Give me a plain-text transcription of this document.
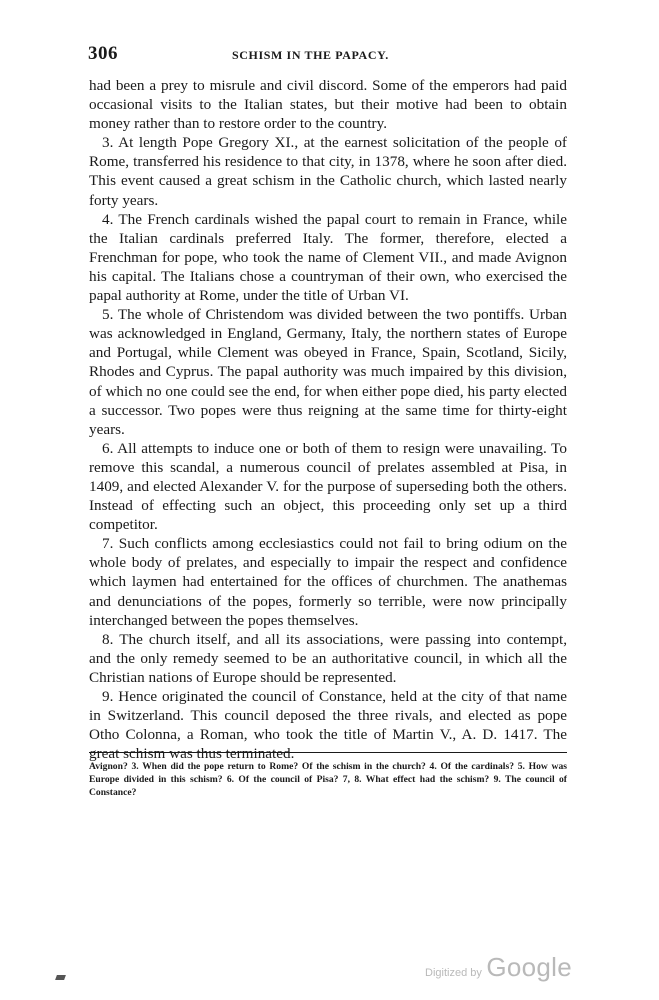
306	SCHISM IN THE PAPACY.

had been a prey to misrule and civil discord. Some of the emperors had paid occasional visits to the Italian states, but their motive had been to obtain money rather than to restore order to the country.

3. At length Pope Gregory XI., at the earnest solicitation of the people of Rome, transferred his residence to that city, in 1378, where he soon after died. This event caused a great schism in the Catholic church, which lasted nearly forty years.

4. The French cardinals wished the papal court to remain in France, while the Italian cardinals preferred Italy. The former, therefore, elected a Frenchman for pope, who took the name of Clement VII., and made Avignon his capital. The Italians chose a countryman of their own, who exercised the papal authority at Rome, under the title of Urban VI.

5. The whole of Christendom was divided between the two pontiffs. Urban was acknowledged in England, Germany, Italy, the northern states of Europe and Portugal, while Clement was obeyed in France, Spain, Scotland, Sicily, Rhodes and Cyprus. The papal authority was much impaired by this division, of which no one could see the end, for when either pope died, his party elected a successor. Two popes were thus reigning at the same time for thirty-eight years.

6. All attempts to induce one or both of them to resign were unavailing. To remove this scandal, a numerous council of prelates assembled at Pisa, in 1409, and elected Alexander V. for the purpose of superseding both the others. Instead of effecting such an object, this proceeding only set up a third competitor.

7. Such conflicts among ecclesiastics could not fail to bring odium on the whole body of prelates, and especially to impair the respect and confidence which laymen had entertained for the offices of churchmen. The anathemas and denunciations of the popes, formerly so terrible, were now principally interchanged between the popes themselves.

8. The church itself, and all its associations, were passing into contempt, and the only remedy seemed to be an authoritative council, in which all the Christian nations of Europe should be represented.

9. Hence originated the council of Constance, held at the city of that name in Switzerland. This council deposed the three rivals, and elected as pope Otho Colonna, a Roman, who took the title of Martin V., A. D. 1417. The great schism was thus terminated.

Avignon? 3. When did the pope return to Rome? Of the schism in the church? 4. Of the cardinals? 5. How was Europe divided in this schism? 6. Of the council of Pisa? 7, 8. What effect had the schism? 9. The council of Constance?
Digitized by Google
